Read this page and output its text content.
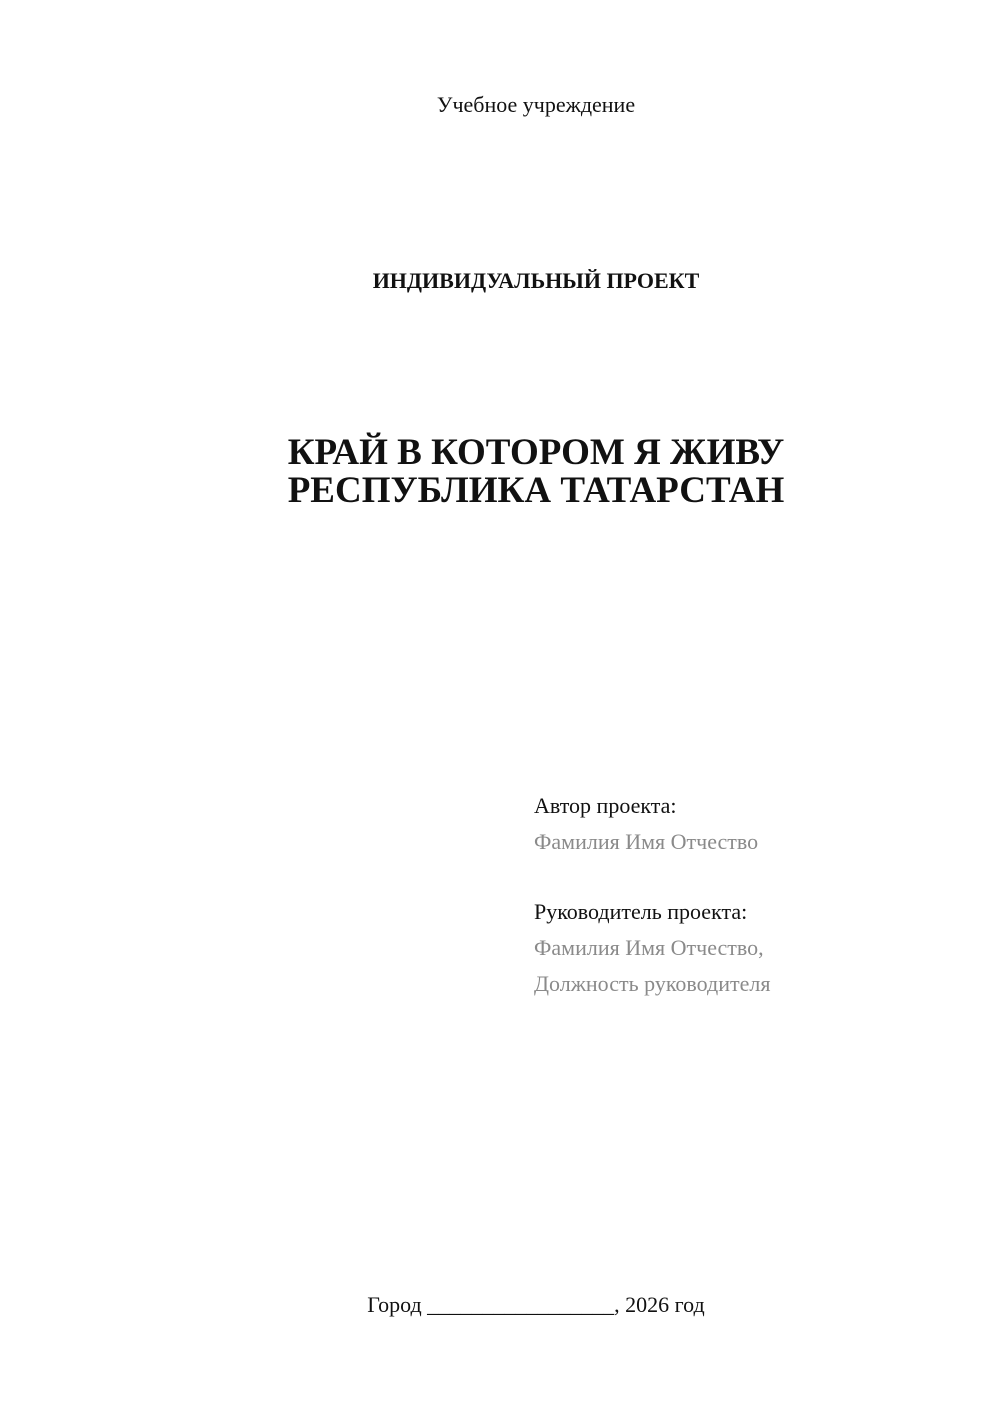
Учебное учреждение
ИНДИВИДУАЛЬНЫЙ ПРОЕКТ
КРАЙ В КОТОРОМ Я ЖИВУ
РЕСПУБЛИКА ТАТАРСТАН
Автор проекта:
Фамилия Имя Отчество
Руководитель проекта:
Фамилия Имя Отчество,
Должность руководителя
Город _________________, 2026 год
